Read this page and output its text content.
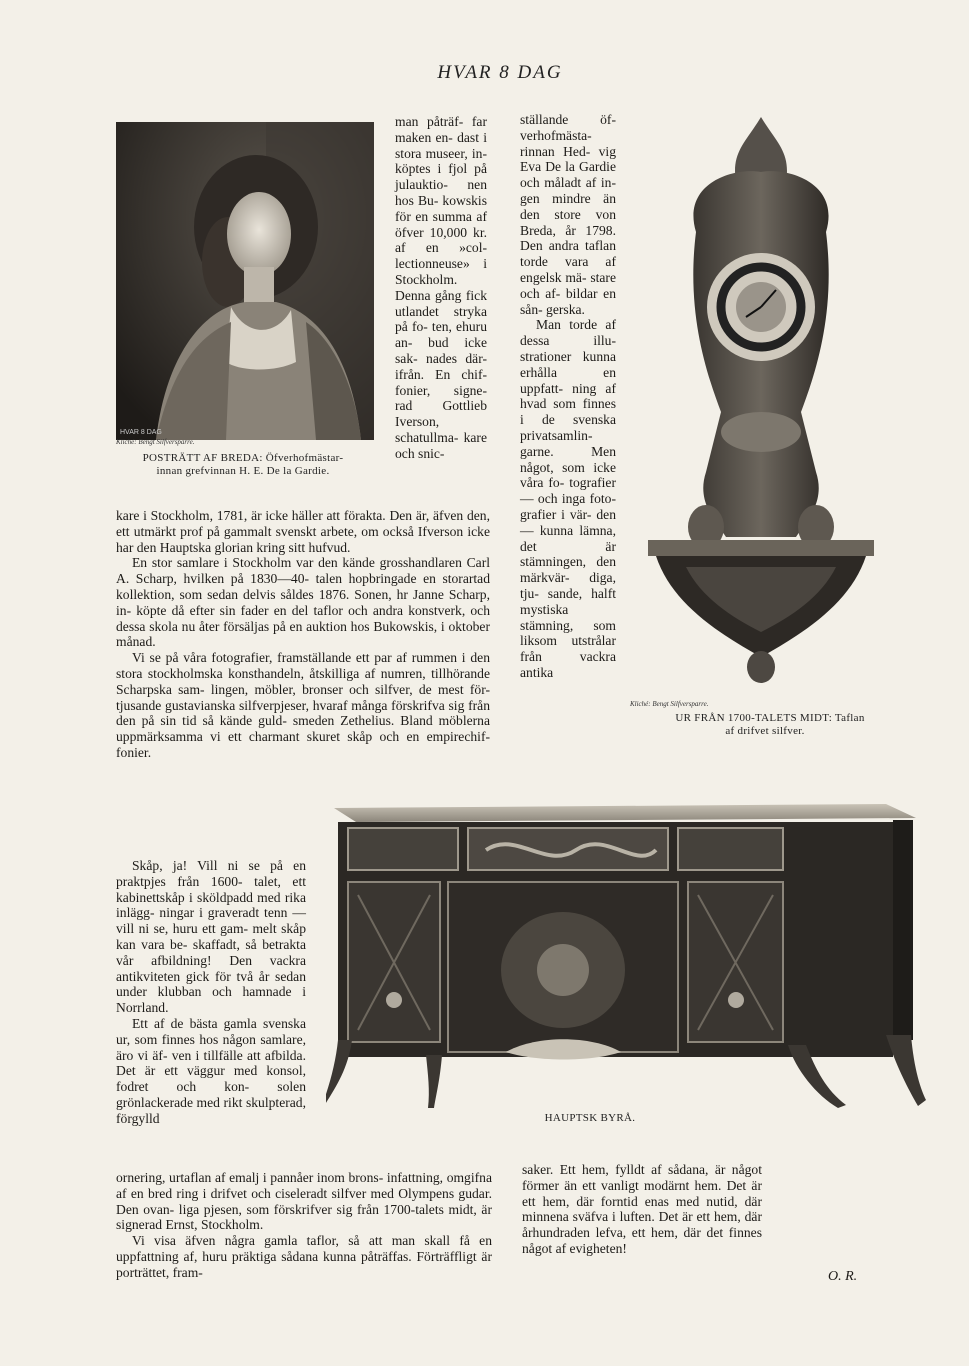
HVAR 8 DAG
HVAR 8 DAG
Kliché: Bengt Silfversparre.
POSTRÄTT AF BREDA: Öfverhofmästar-
innan grefvinnan H. E. De la Gardie.
Kliché: Bengt Silfversparre.
UR FRÅN 1700-TALETS MIDT: Taflan
af drifvet silfver.
HAUPTSK BYRÅ.

man påträf- far maken en- dast i stora museer, in- köptes i fjol på julauktio- nen hos Bu- kowskis för en summa af öfver 10,000 kr. af en »col- lectionneuse» i Stockholm. Denna gång fick utlandet stryka på fo- ten, ehuru an- bud icke sak- nades där- ifrån. En chif- fonier, signe- rad Gottlieb Iverson, schatullma- kare och snic-

ställande öf- verhofmästa- rinnan Hed- vig Eva De la Gardie och måladt af in- gen mindre än den store von Breda, år 1798. Den andra taflan torde vara af engelsk mä- stare och af- bildar en sån- gerska.

Man torde af dessa illu- strationer kunna erhålla en uppfatt- ning af hvad som finnes i de svenska privatsamlin- garne. Men något, som icke våra fo- tografier — och inga foto- grafier i vär- den — kunna lämna, det är stämningen, den märkvär- diga, tju- sande, halft mystiska stämning, som liksom utstrålar från vackra antika

kare i Stockholm, 1781, är icke häller att förakta. Den är, äfven den, ett utmärkt prof på gammalt svenskt arbete, om också Ifverson icke har den Hauptska glorian kring sitt hufvud.

En stor samlare i Stockholm var den kände grosshandlaren Carl A. Scharp, hvilken på 1830—40- talen hopbringade en storartad kollektion, som sedan delvis såldes 1876. Sonen, hr Janne Scharp, in- köpte då efter sin fader en del taflor och andra konstverk, och dessa skola nu åter försäljas på en auktion hos Bukowskis, i oktober månad.

Vi se på våra fotografier, framställande ett par af rummen i den stora stockholmska konsthandeln, åtskilliga af numren, tillhörande Scharpska sam- lingen, möbler, bronser och silfver, de mest för- tjusande gustavianska silfverpjeser, hvaraf många förskrifva sig från den på sin tid så kände guld- smeden Zethelius. Bland möblerna uppmärksamma vi ett charmant skuret skåp och en empirechif- fonier.

Skåp, ja! Vill ni se på en praktpjes från 1600- talet, ett kabinettskåp i sköldpadd med rika inlägg- ningar i graveradt tenn — vill ni se, huru ett gam- melt skåp kan vara be- skaffadt, så betrakta vår afbildning! Den vackra antikviteten gick för två år sedan under klubban och hamnade i Norrland.

Ett af de bästa gamla svenska ur, som finnes hos någon samlare, äro vi äf- ven i tillfälle att afbilda. Det är ett väggur med konsol, fodret och kon- solen grönlackerade med rikt skulpterad, förgylld

ornering, urtaflan af emalj i pannåer inom brons- infattning, omgifna af en bred ring i drifvet och ciseleradt silfver med Olympens gudar. Den ovan- liga pjesen, som förskrifver sig från 1700-talets midt, är signerad Ernst, Stockholm.

Vi visa äfven några gamla taflor, så att man skall få en uppfattning af, huru präktiga sådana kunna påträffas. Förträffligt är porträttet, fram-

saker. Ett hem, fylldt af sådana, är något förmer än ett vanligt modärnt hem. Det är ett hem, där forntid enas med nutid, där minnena sväfva i luften. Det är ett hem, där århundraden lefva, ett hem, där det finnes något af evigheten!

O. R.
